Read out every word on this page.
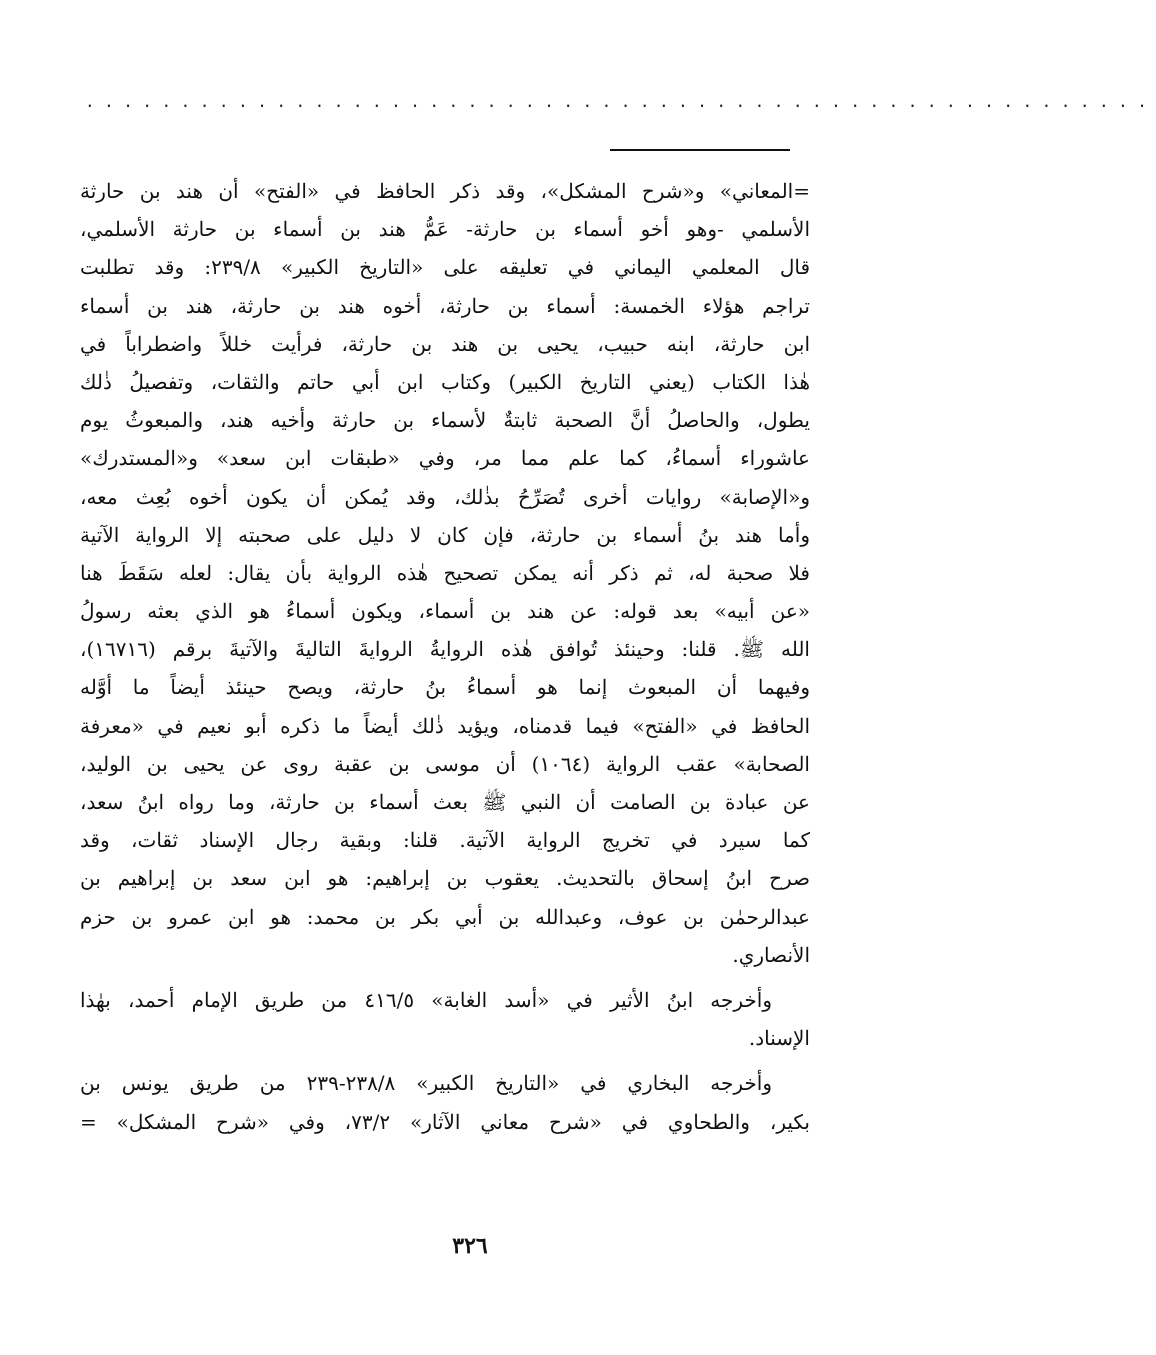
........................................................
=المعاني» و«شرح المشكل»، وقد ذكر الحافظ في «الفتح» أن هند بن حارثة
الأسلمي -وهو أخو أسماء بن حارثة- عَمُّ هند بن أسماء بن حارثة الأسلمي،
قال المعلمي اليماني في تعليقه على «التاريخ الكبير» ٢٣٩/٨: وقد تطلبت
تراجم هؤلاء الخمسة: أسماء بن حارثة، أخوه هند بن حارثة، هند بن أسماء
ابن حارثة، ابنه حبيب، يحيى بن هند بن حارثة، فرأيت خللاً واضطراباً في
هٰذا الكتاب (يعني التاريخ الكبير) وكتاب ابن أبي حاتم والثقات، وتفصيلُ ذٰلك
يطول، والحاصلُ أنَّ الصحبة ثابتةٌ لأسماء بن حارثة وأخيه هند، والمبعوثُ يوم
عاشوراء أسماءُ، كما علم مما مر، وفي «طبقات ابن سعد» و«المستدرك»
و«الإصابة» روايات أخرى تُصَرِّحُ بذٰلك، وقد يُمكن أن يكون أخوه بُعِث معه،
وأما هند بنُ أسماء بن حارثة، فإن كان لا دليل على صحبته إلا الرواية الآتية
فلا صحبة له، ثم ذكر أنه يمكن تصحيح هٰذه الرواية بأن يقال: لعله سَقَطَ هنا
«عن أبيه» بعد قوله: عن هند بن أسماء، ويكون أسماءُ هو الذي بعثه رسولُ
الله ﷺ. قلنا: وحينئذ تُوافق هٰذه الروايةُ الروايةَ التاليةَ والآتيةَ برقم (١٦٧١٦)،
وفيهما أن المبعوث إنما هو أسماءُ بنُ حارثة، ويصح حينئذ أيضاً ما أوَّله
الحافظ في «الفتح» فيما قدمناه، ويؤيد ذٰلك أيضاً ما ذكره أبو نعيم في «معرفة
الصحابة» عقب الرواية (١٠٦٤) أن موسى بن عقبة روى عن يحيى بن الوليد،
عن عبادة بن الصامت أن النبي ﷺ بعث أسماء بن حارثة، وما رواه ابنُ سعد،
كما سيرد في تخريج الرواية الآتية. قلنا: وبقية رجال الإسناد ثقات، وقد
صرح ابنُ إسحاق بالتحديث. يعقوب بن إبراهيم: هو ابن سعد بن إبراهيم بن
عبدالرحمٰن بن عوف، وعبدالله بن أبي بكر بن محمد: هو ابن عمرو بن حزم
الأنصاري.
وأخرجه ابنُ الأثير في «أسد الغابة» ٤١٦/٥ من طريق الإمام أحمد، بهٰذا
الإسناد.
وأخرجه البخاري في «التاريخ الكبير» ٢٣٨/٨-٢٣٩ من طريق يونس بن
بكير، والطحاوي في «شرح معاني الآثار» ٧٣/٢، وفي «شرح المشكل» =
٣٢٦
